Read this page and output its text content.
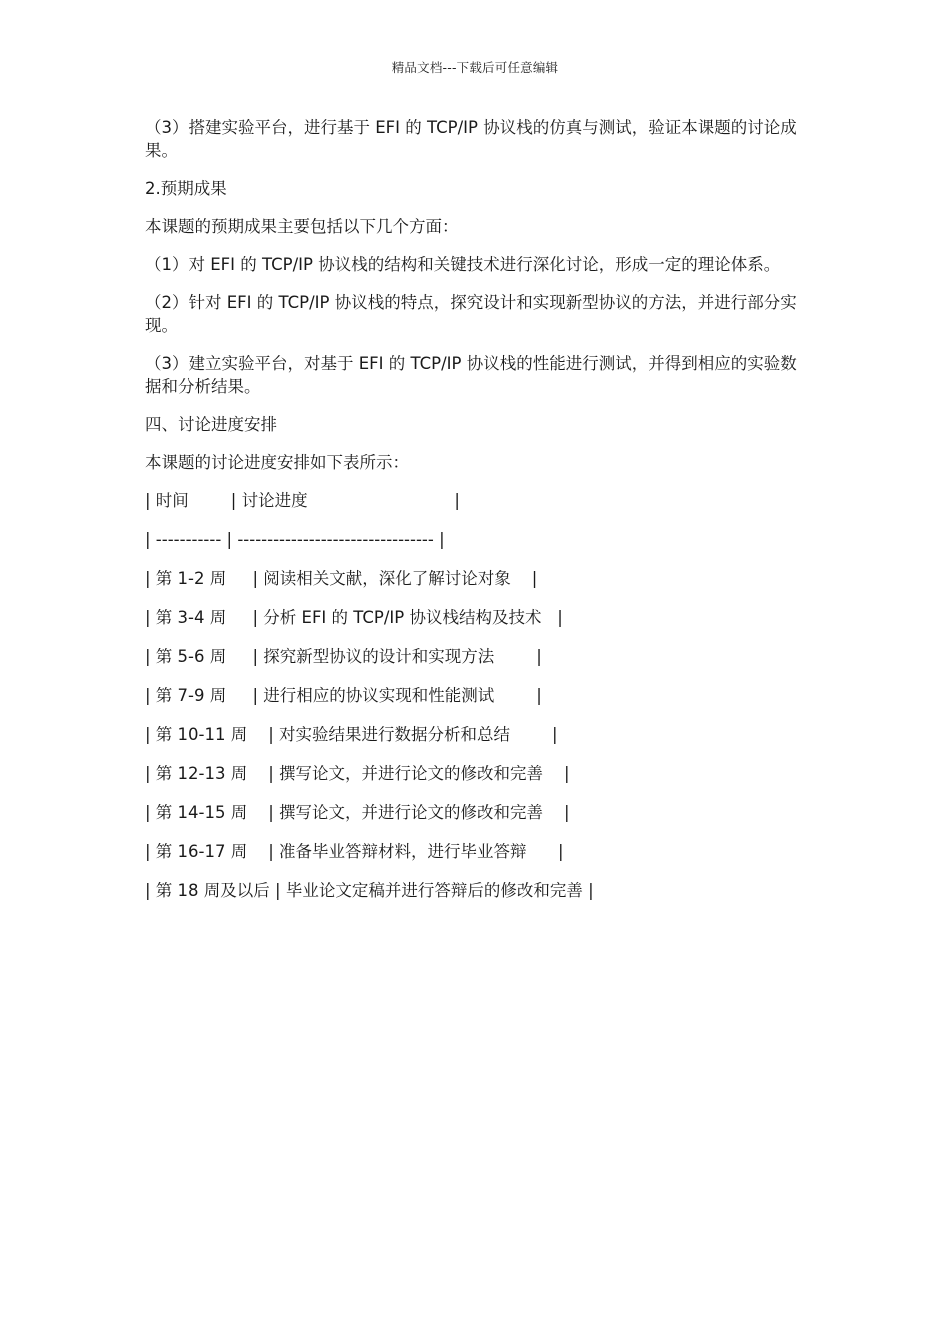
精品文档---下载后可任意编辑

（3）搭建实验平台，进行基于 EFI 的 TCP/IP 协议栈的仿真与测试，验证本课题的讨论成果。

2.预期成果

本课题的预期成果主要包括以下几个方面：

（1）对 EFI 的 TCP/IP 协议栈的结构和关键技术进行深化讨论，形成一定的理论体系。

（2）针对 EFI 的 TCP/IP 协议栈的特点，探究设计和实现新型协议的方法，并进行部分实现。

（3）建立实验平台，对基于 EFI 的 TCP/IP 协议栈的性能进行测试，并得到相应的实验数据和分析结果。

四、讨论进度安排

本课题的讨论进度安排如下表所示：

| 时间        | 讨论进度                            |

| ----------- | --------------------------------- |

| 第 1-2 周     | 阅读相关文献，深化了解讨论对象    |

| 第 3-4 周     | 分析 EFI 的 TCP/IP 协议栈结构及技术   |

| 第 5-6 周     | 探究新型协议的设计和实现方法        |

| 第 7-9 周     | 进行相应的协议实现和性能测试        |

| 第 10-11 周    | 对实验结果进行数据分析和总结        |

| 第 12-13 周    | 撰写论文，并进行论文的修改和完善    |

| 第 14-15 周    | 撰写论文，并进行论文的修改和完善    |

| 第 16-17 周    | 准备毕业答辩材料，进行毕业答辩      |

| 第 18 周及以后 | 毕业论文定稿并进行答辩后的修改和完善 |
